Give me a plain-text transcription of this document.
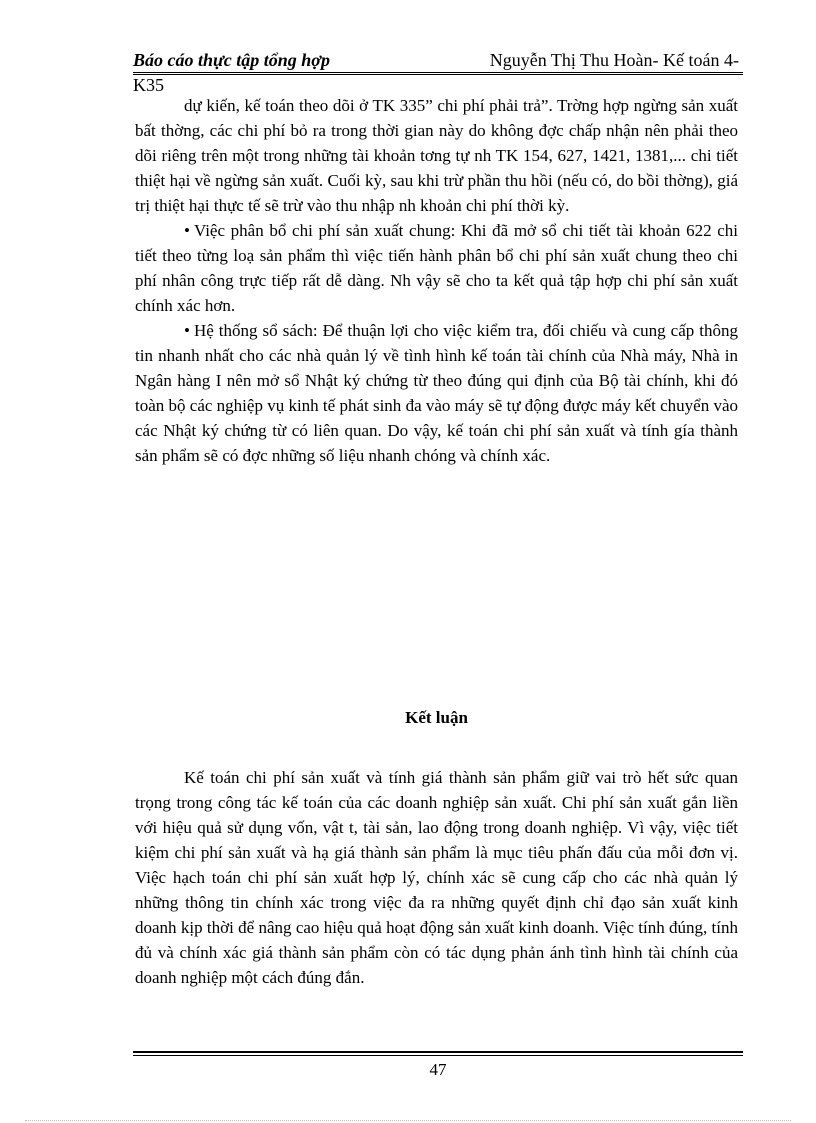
Báo cáo thực tập tổng hợp	Nguyễn Thị Thu Hoàn- Kế toán 4-
K35

dự kiến, kế toán theo dõi ở TK 335” chi phí phải trả”. Trờng hợp ngừng sản xuất bất thờng, các chi phí bỏ ra trong thời gian này do không đợc chấp nhận nên phải theo dõi riêng trên một trong những tài khoản tơng tự nh TK 154, 627, 1421, 1381,... chi tiết thiệt hại về ngừng sản xuất. Cuối kỳ, sau khi trừ phần thu hồi (nếu có, do bồi thờng), giá trị thiệt hại thực tế sẽ trừ vào thu nhập nh khoản chi phí thời kỳ.

• Việc phân bổ chi phí sản xuất chung: Khi đã mở sổ chi tiết tài khoản 622 chi tiết theo từng loạ sản phẩm thì việc tiến hành phân bổ chi phí sản xuất chung theo chi phí nhân công trực tiếp rất dễ dàng. Nh vậy sẽ cho ta kết quả tập hợp chi phí sản xuất chính xác hơn.

• Hệ thống sổ sách: Để thuận lợi cho việc kiểm tra, đối chiếu và cung cấp thông tin nhanh nhất cho các nhà quản lý về tình hình kế toán tài chính của Nhà máy, Nhà in Ngân hàng I nên mở sổ Nhật ký chứng từ theo đúng qui định của Bộ tài chính, khi đó toàn bộ các nghiệp vụ kinh tế phát sinh đa vào máy sẽ tự động được máy kết chuyển vào các Nhật ký chứng từ có liên quan. Do vậy, kế toán chi phí sản xuất và tính gía thành sản phẩm sẽ có đợc những số liệu nhanh chóng và chính xác.

Kết luận

Kế toán chi phí sản xuất và tính giá thành sản phẩm giữ vai trò hết sức quan trọng trong công tác kế toán của các doanh nghiệp sản xuất. Chi phí sản xuất gắn liền với hiệu quả sử dụng vốn, vật t, tài sản, lao động trong doanh nghiệp. Vì vậy, việc tiết kiệm chi phí sản xuất và hạ giá thành sản phẩm là mục tiêu phấn đấu của mỗi đơn vị. Việc hạch toán chi phí sản xuất hợp lý, chính xác sẽ cung cấp cho các nhà quản lý những thông tin chính xác trong việc đa ra những quyết định chỉ đạo sản xuất kinh doanh kịp thời để nâng cao hiệu quả hoạt động sản xuất kinh doanh. Việc tính đúng, tính đủ và chính xác giá thành sản phẩm còn có tác dụng phản ánh tình hình tài chính của doanh nghiệp một cách đúng đắn.

47
